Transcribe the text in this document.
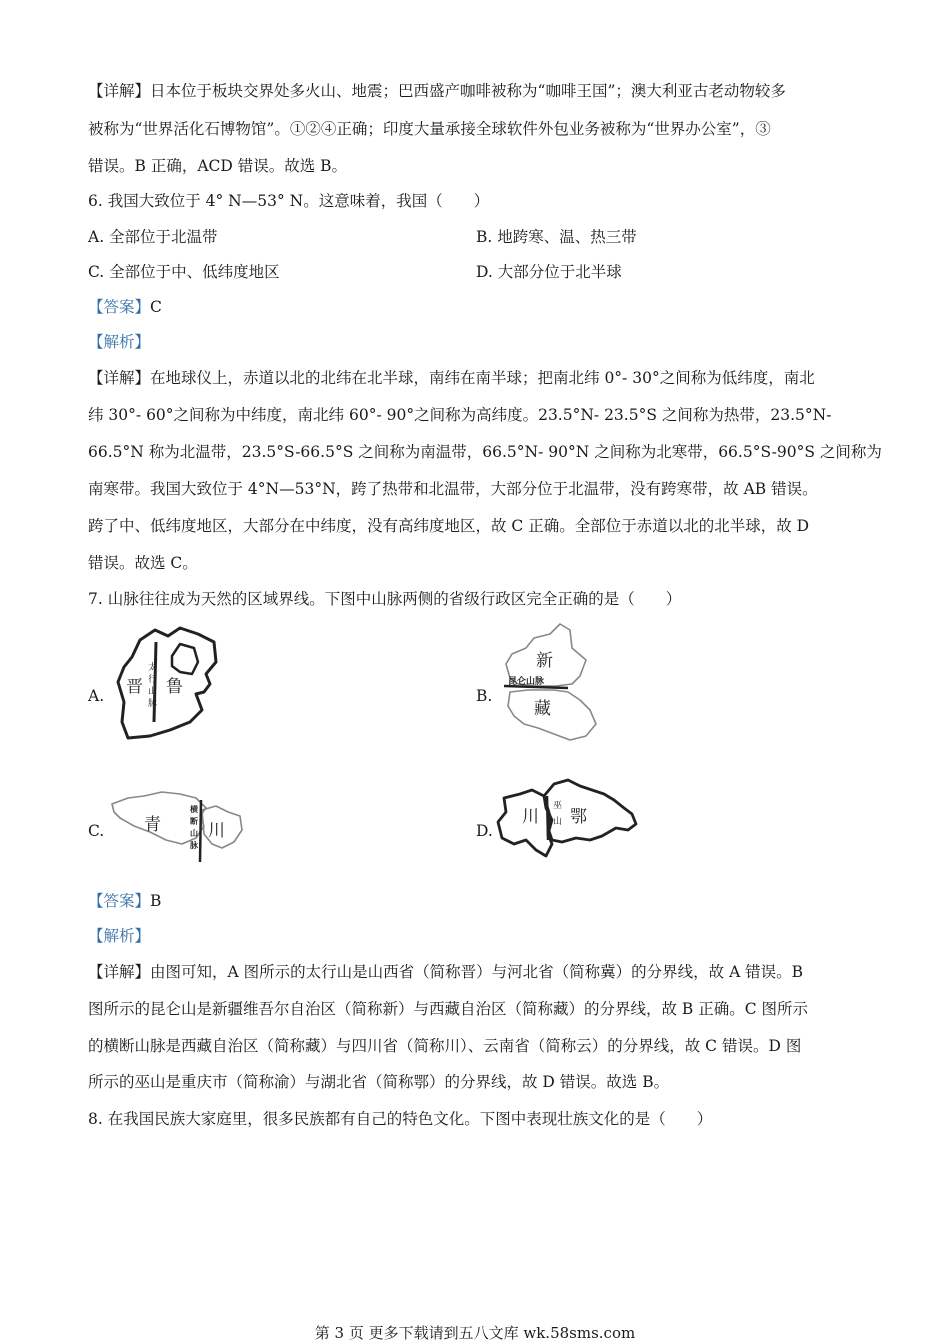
【详解】日本位于板块交界处多火山、地震；巴西盛产咖啡被称为“咖啡王国”；澳大利亚古老动物较多
被称为“世界活化石博物馆”。①②④正确；印度大量承接全球软件外包业务被称为“世界办公室”，③
错误。B 正确，ACD 错误。故选 B。
6. 我国大致位于 4° N—53° N。这意味着，我国（　　）
A. 全部位于北温带	B. 地跨寒、温、热三带
C. 全部位于中、低纬度地区	D. 大部分位于北半球
【答案】C
【解析】
【详解】在地球仪上，赤道以北的北纬在北半球，南纬在南半球；把南北纬 0°- 30°之间称为低纬度，南北
纬 30°- 60°之间称为中纬度，南北纬 60°- 90°之间称为高纬度。23.5°N- 23.5°S 之间称为热带，23.5°N-
66.5°N 称为北温带，23.5°S-66.5°S 之间称为南温带，66.5°N- 90°N 之间称为北寒带，66.5°S-90°S 之间称为
南寒带。我国大致位于 4°N—53°N，跨了热带和北温带，大部分位于北温带，没有跨寒带，故 AB 错误。
跨了中、低纬度地区，大部分在中纬度，没有高纬度地区，故 C 正确。全部位于赤道以北的北半球，故 D
错误。故选 C。
7. 山脉往往成为天然的区域界线。下图中山脉两侧的省级行政区完全正确的是（　　）
A.
太
行
山
脉
晋 鲁	B.
昆仑山脉
新
藏
C.
横
断
山
脉
青	川	D.
巫
山
川 鄂
【答案】B
【解析】
【详解】由图可知，A 图所示的太行山是山西省（简称晋）与河北省（简称冀）的分界线，故 A 错误。B
图所示的昆仑山是新疆维吾尔自治区（简称新）与西藏自治区（简称藏）的分界线，故 B 正确。C 图所示
的横断山脉是西藏自治区（简称藏）与四川省（简称川）、云南省（简称云）的分界线，故 C 错误。D 图
所示的巫山是重庆市（简称渝）与湖北省（简称鄂）的分界线，故 D 错误。故选 B。
8. 在我国民族大家庭里，很多民族都有自己的特色文化。下图中表现壮族文化的是（　　）
第 3 页 更多下载请到五八文库 wk.58sms.com
